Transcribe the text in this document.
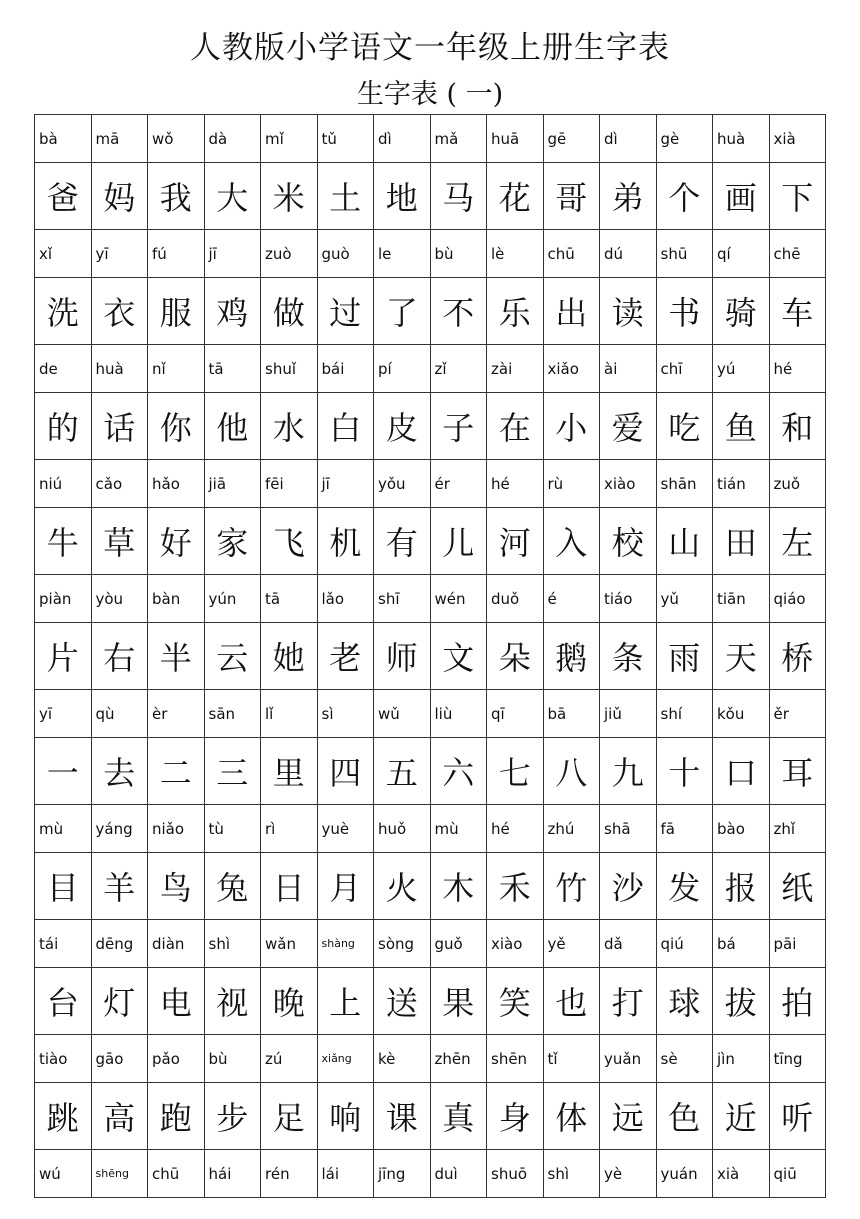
人教版小学语文一年级上册生字表
生字表 ( 一)
bà	mā	wǒ	dà	mǐ	tǔ	dì	mǎ	huā	gē	dì	gè	huà	xià
爸	妈	我	大	米	土	地	马	花	哥	弟	个	画	下
xǐ	yī	fú	jī	zuò	guò	le	bù	lè	chū	dú	shū	qí	chē
洗	衣	服	鸡	做	过	了	不	乐	出	读	书	骑	车
de	huà	nǐ	tā	shuǐ	bái	pí	zǐ	zài	xiǎo	ài	chī	yú	hé
的	话	你	他	水	白	皮	子	在	小	爱	吃	鱼	和
niú	cǎo	hǎo	jiā	fēi	jī	yǒu	ér	hé	rù	xiào	shān	tián	zuǒ
牛	草	好	家	飞	机	有	儿	河	入	校	山	田	左
piàn	yòu	bàn	yún	tā	lǎo	shī	wén	duǒ	é	tiáo	yǔ	tiān	qiáo
片	右	半	云	她	老	师	文	朵	鹅	条	雨	天	桥
yī	qù	èr	sān	lǐ	sì	wǔ	liù	qī	bā	jiǔ	shí	kǒu	ěr
一	去	二	三	里	四	五	六	七	八	九	十	口	耳
mù	yáng	niǎo	tù	rì	yuè	huǒ	mù	hé	zhú	shā	fā	bào	zhǐ
目	羊	鸟	兔	日	月	火	木	禾	竹	沙	发	报	纸
tái	dēng	diàn	shì	wǎn	shàng	sòng	guǒ	xiào	yě	dǎ	qiú	bá	pāi
台	灯	电	视	晚	上	送	果	笑	也	打	球	拔	拍
tiào	gāo	pǎo	bù	zú	xiǎng	kè	zhēn	shēn	tǐ	yuǎn	sè	jìn	tīng
跳	高	跑	步	足	响	课	真	身	体	远	色	近	听
wú	shēng	chū	hái	rén	lái	jīng	duì	shuō	shì	yè	yuán	xià	qiū
